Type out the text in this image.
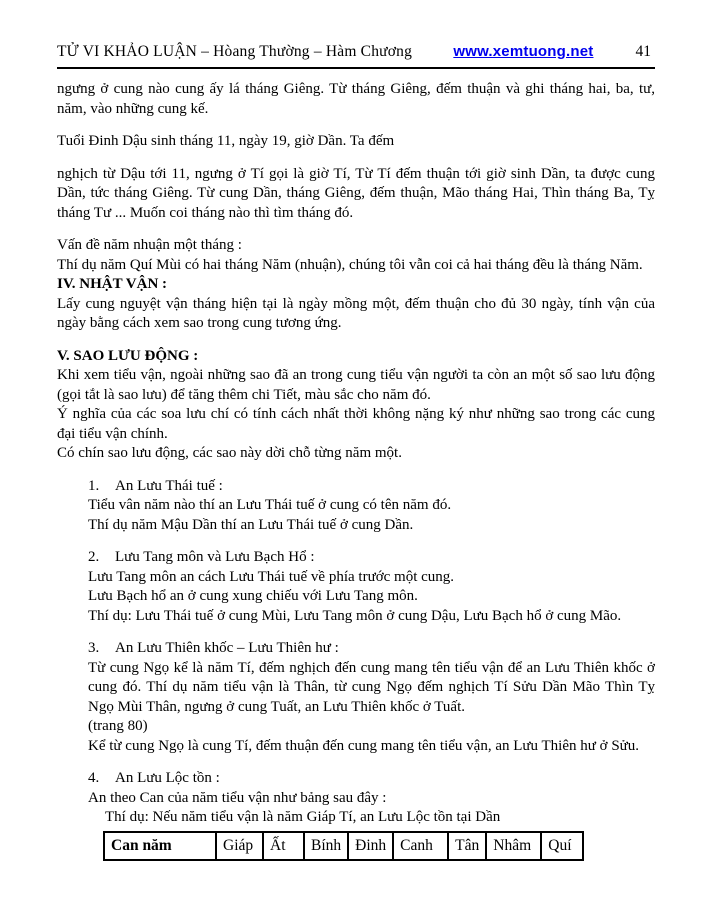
TỬ VI KHẢO LUẬN – Hòang Thường – Hàm Chương	www.xemtuong.net	41

ngưng ở cung nào cung ấy lá tháng Giêng. Từ tháng Giêng, đếm thuận và ghi tháng hai, ba, tư, năm, vào những cung kế.

Tuổi Đinh Dậu sinh tháng 11, ngày 19, giờ Dần. Ta đếm

nghịch từ Dậu tới 11, ngưng ở Tí gọi là giờ Tí, Từ Tí đếm thuận tới giờ sinh Dần, ta được cung Dần, tức tháng Giêng. Từ cung Dần, tháng Giêng, đếm thuận, Mão tháng Hai, Thìn tháng Ba, Tỵ tháng Tư ... Muốn coi tháng nào thì tìm tháng đó.

Vấn đề năm nhuận một tháng :

Thí dụ năm Quí Mùi có hai tháng Năm (nhuận), chúng tôi vẫn coi cả hai tháng đều là tháng Năm.

IV. NHẬT VẬN :

Lấy cung nguyệt vận tháng hiện tại là ngày mồng một, đếm thuận cho đủ 30 ngày, tính vận của ngày bằng cách xem sao trong cung tương ứng.

V. SAO LƯU ĐỘNG :

Khi xem tiểu vận, ngoài những sao đã an trong cung tiểu vận người ta còn an một số sao lưu động (gọi tắt là sao lưu) để tăng thêm chi Tiết, màu sắc cho năm đó.

Ý nghĩa của các soa lưu chí có tính cách nhất thời không nặng ký như những sao trong các cung đại tiểu vận chính.

Có chín sao lưu động, các sao này dời chỗ từng năm một.

1. An Lưu Thái tuế :

Tiểu vân năm nào thí an Lưu Thái tuế ở cung có tên năm đó.

Thí dụ năm Mậu Dần thí an Lưu Thái tuế ở cung Dần.

2. Lưu Tang môn và Lưu Bạch Hổ :

Lưu Tang môn an cách Lưu Thái tuế về phía trước một cung.

Lưu Bạch hổ an ở cung xung chiếu với Lưu Tang môn.

Thí dụ: Lưu Thái tuế ở cung Mùi, Lưu Tang môn ở cung Dậu, Lưu Bạch hổ ở cung Mão.

3. An Lưu Thiên khốc – Lưu Thiên hư :

Từ cung Ngọ kể là năm Tí, đếm nghịch đến cung mang tên tiểu vận để an Lưu Thiên khốc ở cung đó. Thí dụ năm tiểu vận là Thân, từ cung Ngọ đếm nghịch Tí Sửu Dần Mão Thìn Tỵ Ngọ Mùi Thân, ngưng ở cung Tuất, an Lưu Thiên khốc ở Tuất.

(trang 80)

Kể từ cung Ngọ là cung Tí, đếm thuận đến cung mang tên tiểu vận, an Lưu Thiên hư ở Sửu.

4. An Lưu Lộc tồn :

An theo Can của năm tiểu vận như bảng sau đây :

Thí dụ: Nếu năm tiểu vận là năm Giáp Tí, an Lưu Lộc tồn tại Dần

Can năm	Giáp	Ất	Bính	Đinh	Canh	Tân	Nhâm	Quí
